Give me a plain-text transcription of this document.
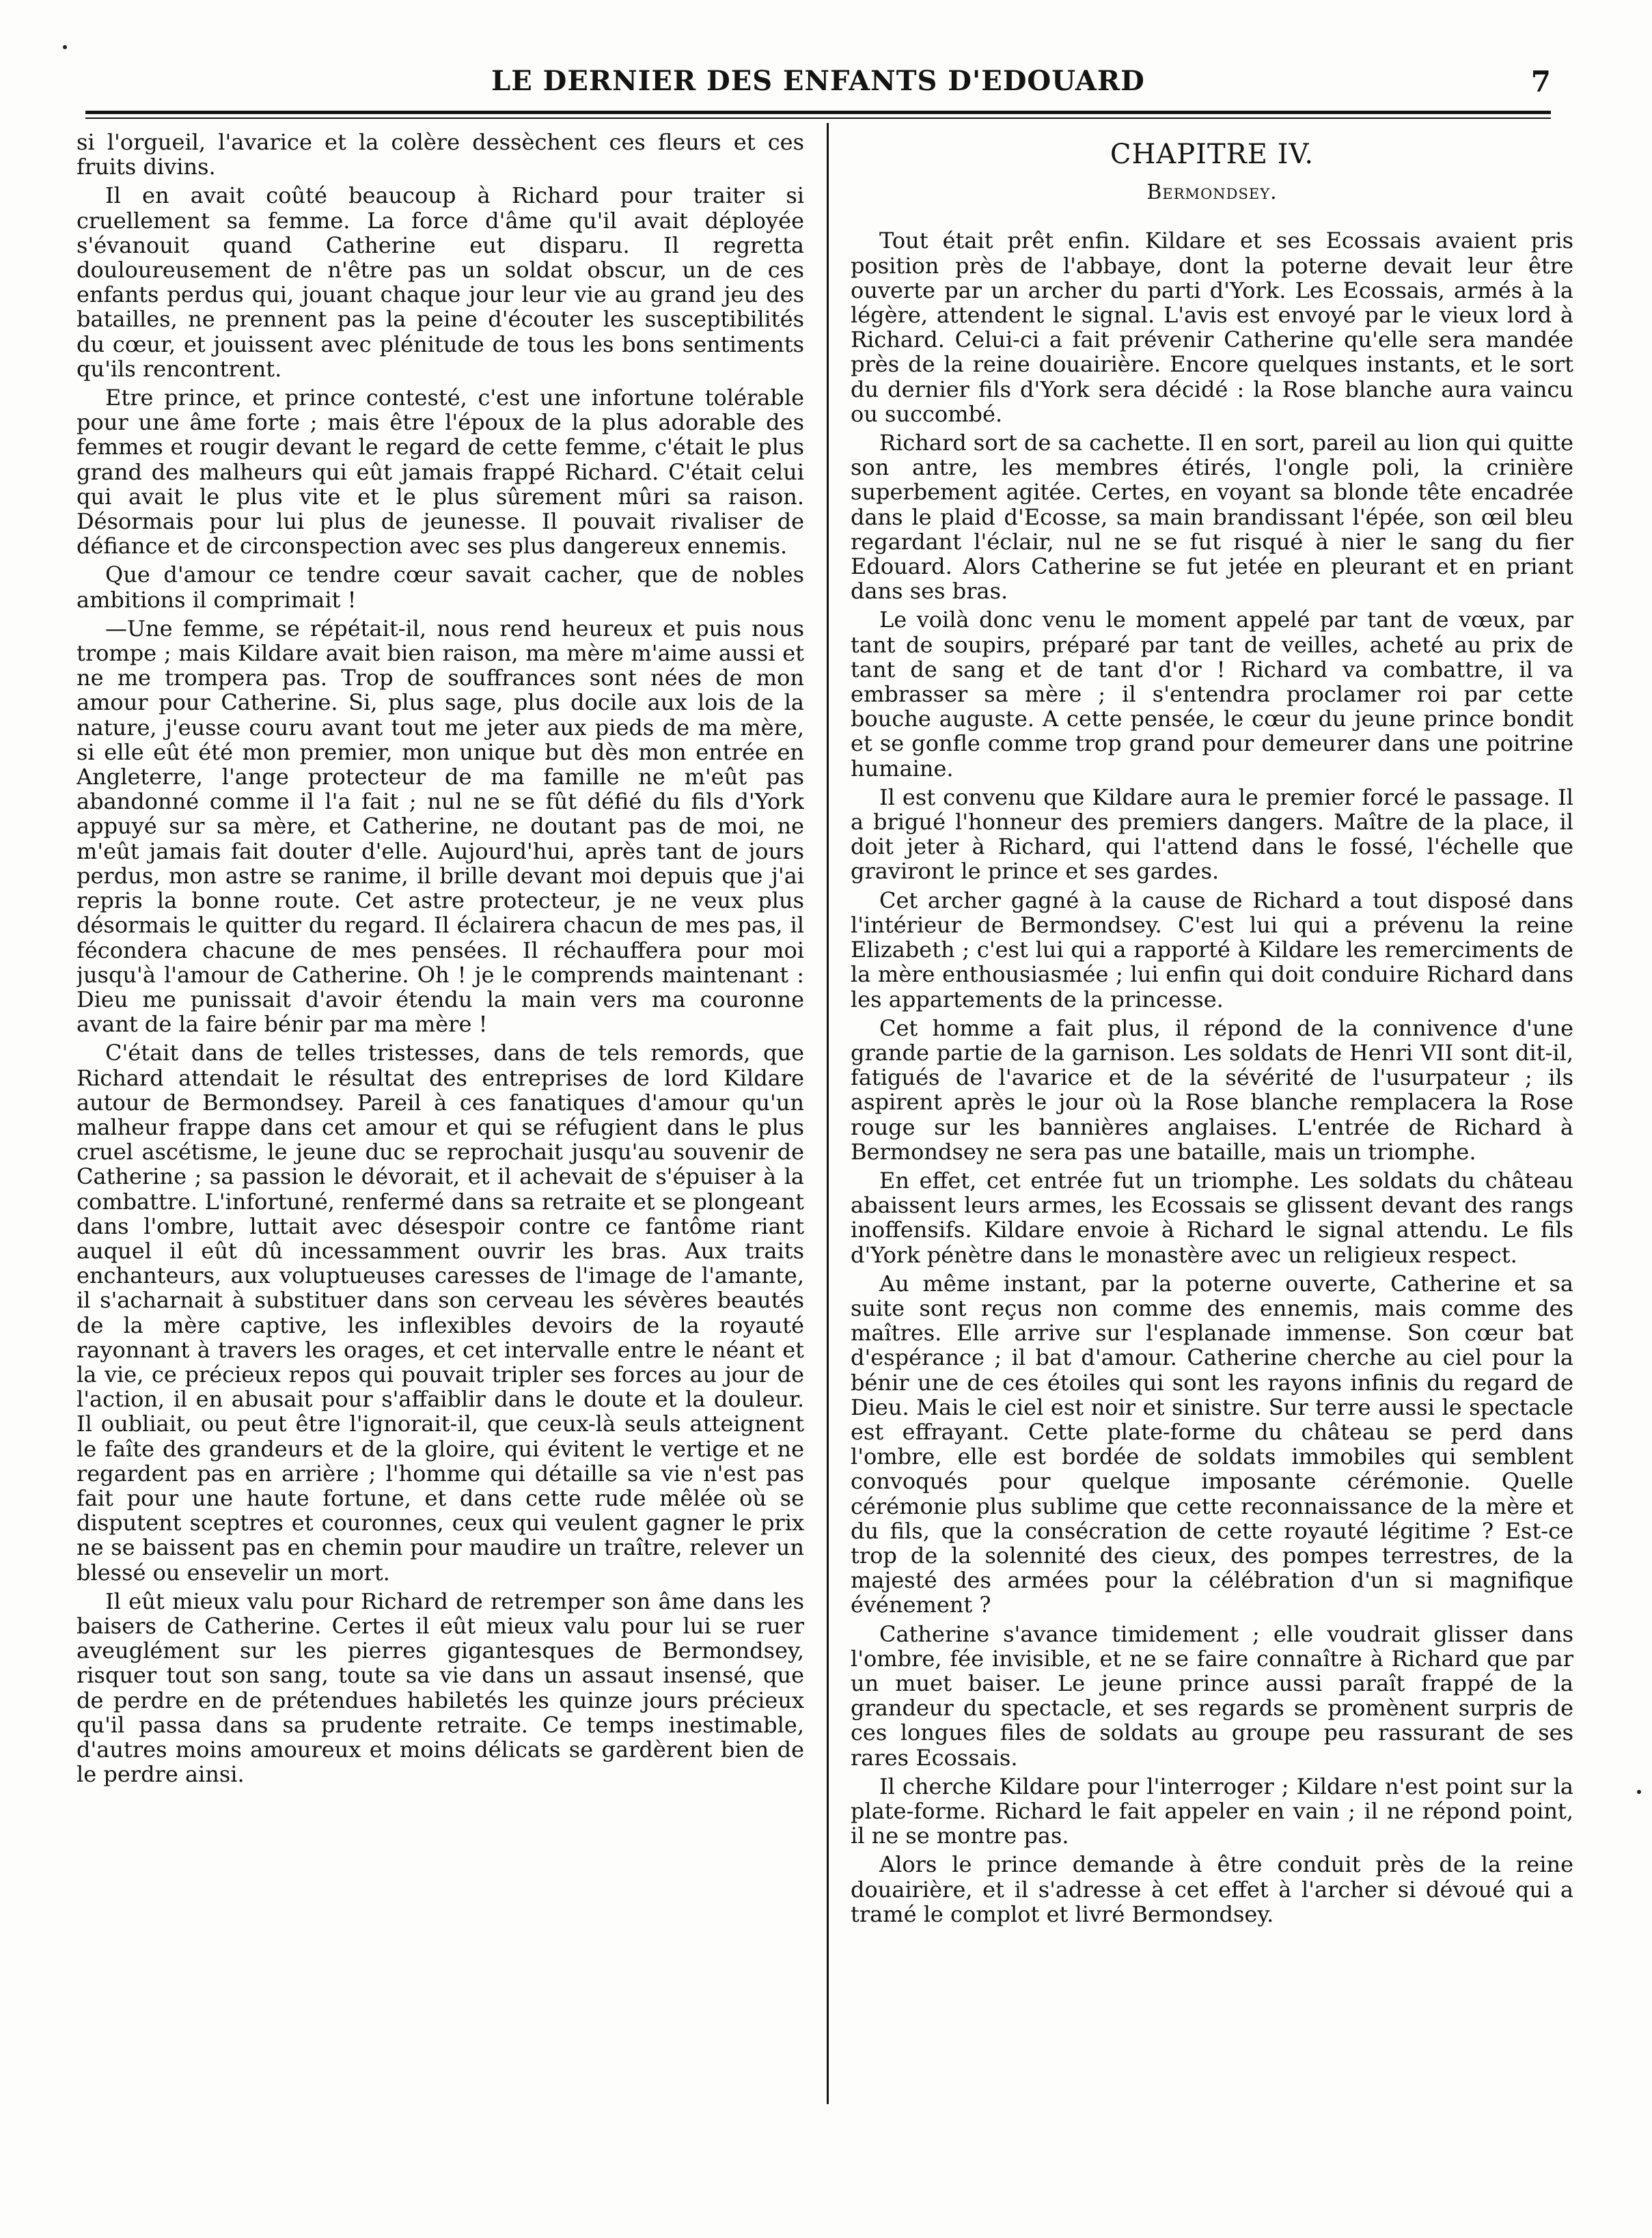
LE DERNIER DES ENFANTS D'EDOUARD	7

si l'orgueil, l'avarice et la colère dessèchent ces fleurs et ces fruits divins.

Il en avait coûté beaucoup à Richard pour traiter si cruellement sa femme. La force d'âme qu'il avait déployée s'évanouit quand Catherine eut disparu. Il regretta douloureusement de n'être pas un soldat obscur, un de ces enfants perdus qui, jouant chaque jour leur vie au grand jeu des batailles, ne prennent pas la peine d'écouter les susceptibilités du cœur, et jouissent avec plénitude de tous les bons sentiments qu'ils rencontrent.

Etre prince, et prince contesté, c'est une infortune tolérable pour une âme forte ; mais être l'époux de la plus adorable des femmes et rougir devant le regard de cette femme, c'était le plus grand des malheurs qui eût jamais frappé Richard. C'était celui qui avait le plus vite et le plus sûrement mûri sa raison. Désormais pour lui plus de jeunesse. Il pouvait rivaliser de défiance et de circonspection avec ses plus dangereux ennemis.

Que d'amour ce tendre cœur savait cacher, que de nobles ambitions il comprimait !

—Une femme, se répétait-il, nous rend heureux et puis nous trompe ; mais Kildare avait bien raison, ma mère m'aime aussi et ne me trompera pas. Trop de souffrances sont nées de mon amour pour Catherine. Si, plus sage, plus docile aux lois de la nature, j'eusse couru avant tout me jeter aux pieds de ma mère, si elle eût été mon premier, mon unique but dès mon entrée en Angleterre, l'ange protecteur de ma famille ne m'eût pas abandonné comme il l'a fait ; nul ne se fût défié du fils d'York appuyé sur sa mère, et Catherine, ne doutant pas de moi, ne m'eût jamais fait douter d'elle. Aujourd'hui, après tant de jours perdus, mon astre se ranime, il brille devant moi depuis que j'ai repris la bonne route. Cet astre protecteur, je ne veux plus désormais le quitter du regard. Il éclairera chacun de mes pas, il fécondera chacune de mes pensées. Il réchauffera pour moi jusqu'à l'amour de Catherine. Oh ! je le comprends maintenant : Dieu me punissait d'avoir étendu la main vers ma couronne avant de la faire bénir par ma mère !

C'était dans de telles tristesses, dans de tels remords, que Richard attendait le résultat des entreprises de lord Kildare autour de Bermondsey. Pareil à ces fanatiques d'amour qu'un malheur frappe dans cet amour et qui se réfugient dans le plus cruel ascétisme, le jeune duc se reprochait jusqu'au souvenir de Catherine ; sa passion le dévorait, et il achevait de s'épuiser à la combattre. L'infortuné, renfermé dans sa retraite et se plongeant dans l'ombre, luttait avec désespoir contre ce fantôme riant auquel il eût dû incessamment ouvrir les bras. Aux traits enchanteurs, aux voluptueuses caresses de l'image de l'amante, il s'acharnait à substituer dans son cerveau les sévères beautés de la mère captive, les inflexibles devoirs de la royauté rayonnant à travers les orages, et cet intervalle entre le néant et la vie, ce précieux repos qui pouvait tripler ses forces au jour de l'action, il en abusait pour s'affaiblir dans le doute et la douleur. Il oubliait, ou peut être l'ignorait-il, que ceux-là seuls atteignent le faîte des grandeurs et de la gloire, qui évitent le vertige et ne regardent pas en arrière ; l'homme qui détaille sa vie n'est pas fait pour une haute fortune, et dans cette rude mêlée où se disputent sceptres et couronnes, ceux qui veulent gagner le prix ne se baissent pas en chemin pour maudire un traître, relever un blessé ou ensevelir un mort.

Il eût mieux valu pour Richard de retremper son âme dans les baisers de Catherine. Certes il eût mieux valu pour lui se ruer aveuglément sur les pierres gigantesques de Bermondsey, risquer tout son sang, toute sa vie dans un assaut insensé, que de perdre en de prétendues habiletés les quinze jours précieux qu'il passa dans sa prudente retraite. Ce temps inestimable, d'autres moins amoureux et moins délicats se gardèrent bien de le perdre ainsi.

CHAPITRE IV.
Bermondsey.

Tout était prêt enfin. Kildare et ses Ecossais avaient pris position près de l'abbaye, dont la poterne devait leur être ouverte par un archer du parti d'York. Les Ecossais, armés à la légère, attendent le signal. L'avis est envoyé par le vieux lord à Richard. Celui-ci a fait prévenir Catherine qu'elle sera mandée près de la reine douairière. Encore quelques instants, et le sort du dernier fils d'York sera décidé : la Rose blanche aura vaincu ou succombé.

Richard sort de sa cachette. Il en sort, pareil au lion qui quitte son antre, les membres étirés, l'ongle poli, la crinière superbement agitée. Certes, en voyant sa blonde tête encadrée dans le plaid d'Ecosse, sa main brandissant l'épée, son œil bleu regardant l'éclair, nul ne se fut risqué à nier le sang du fier Edouard. Alors Catherine se fut jetée en pleurant et en priant dans ses bras.

Le voilà donc venu le moment appelé par tant de vœux, par tant de soupirs, préparé par tant de veilles, acheté au prix de tant de sang et de tant d'or ! Richard va combattre, il va embrasser sa mère ; il s'entendra proclamer roi par cette bouche auguste. A cette pensée, le cœur du jeune prince bondit et se gonfle comme trop grand pour demeurer dans une poitrine humaine.

Il est convenu que Kildare aura le premier forcé le passage. Il a brigué l'honneur des premiers dangers. Maître de la place, il doit jeter à Richard, qui l'attend dans le fossé, l'échelle que graviront le prince et ses gardes.

Cet archer gagné à la cause de Richard a tout disposé dans l'intérieur de Bermondsey. C'est lui qui a prévenu la reine Elizabeth ; c'est lui qui a rapporté à Kildare les remerciments de la mère enthousiasmée ; lui enfin qui doit conduire Richard dans les appartements de la princesse.

Cet homme a fait plus, il répond de la connivence d'une grande partie de la garnison. Les soldats de Henri VII sont dit-il, fatigués de l'avarice et de la sévérité de l'usurpateur ; ils aspirent après le jour où la Rose blanche remplacera la Rose rouge sur les bannières anglaises. L'entrée de Richard à Bermondsey ne sera pas une bataille, mais un triomphe.

En effet, cet entrée fut un triomphe. Les soldats du château abaissent leurs armes, les Ecossais se glissent devant des rangs inoffensifs. Kildare envoie à Richard le signal attendu. Le fils d'York pénètre dans le monastère avec un religieux respect.

Au même instant, par la poterne ouverte, Catherine et sa suite sont reçus non comme des ennemis, mais comme des maîtres. Elle arrive sur l'esplanade immense. Son cœur bat d'espérance ; il bat d'amour. Catherine cherche au ciel pour la bénir une de ces étoiles qui sont les rayons infinis du regard de Dieu. Mais le ciel est noir et sinistre. Sur terre aussi le spectacle est effrayant. Cette plate-forme du château se perd dans l'ombre, elle est bordée de soldats immobiles qui semblent convoqués pour quelque imposante cérémonie. Quelle cérémonie plus sublime que cette reconnaissance de la mère et du fils, que la consécration de cette royauté légitime ? Est-ce trop de la solennité des cieux, des pompes terrestres, de la majesté des armées pour la célébration d'un si magnifique événement ?

Catherine s'avance timidement ; elle voudrait glisser dans l'ombre, fée invisible, et ne se faire connaître à Richard que par un muet baiser. Le jeune prince aussi paraît frappé de la grandeur du spectacle, et ses regards se promènent surpris de ces longues files de soldats au groupe peu rassurant de ses rares Ecossais.

Il cherche Kildare pour l'interroger ; Kildare n'est point sur la plate-forme. Richard le fait appeler en vain ; il ne répond point, il ne se montre pas.

Alors le prince demande à être conduit près de la reine douairière, et il s'adresse à cet effet à l'archer si dévoué qui a tramé le complot et livré Bermondsey.
